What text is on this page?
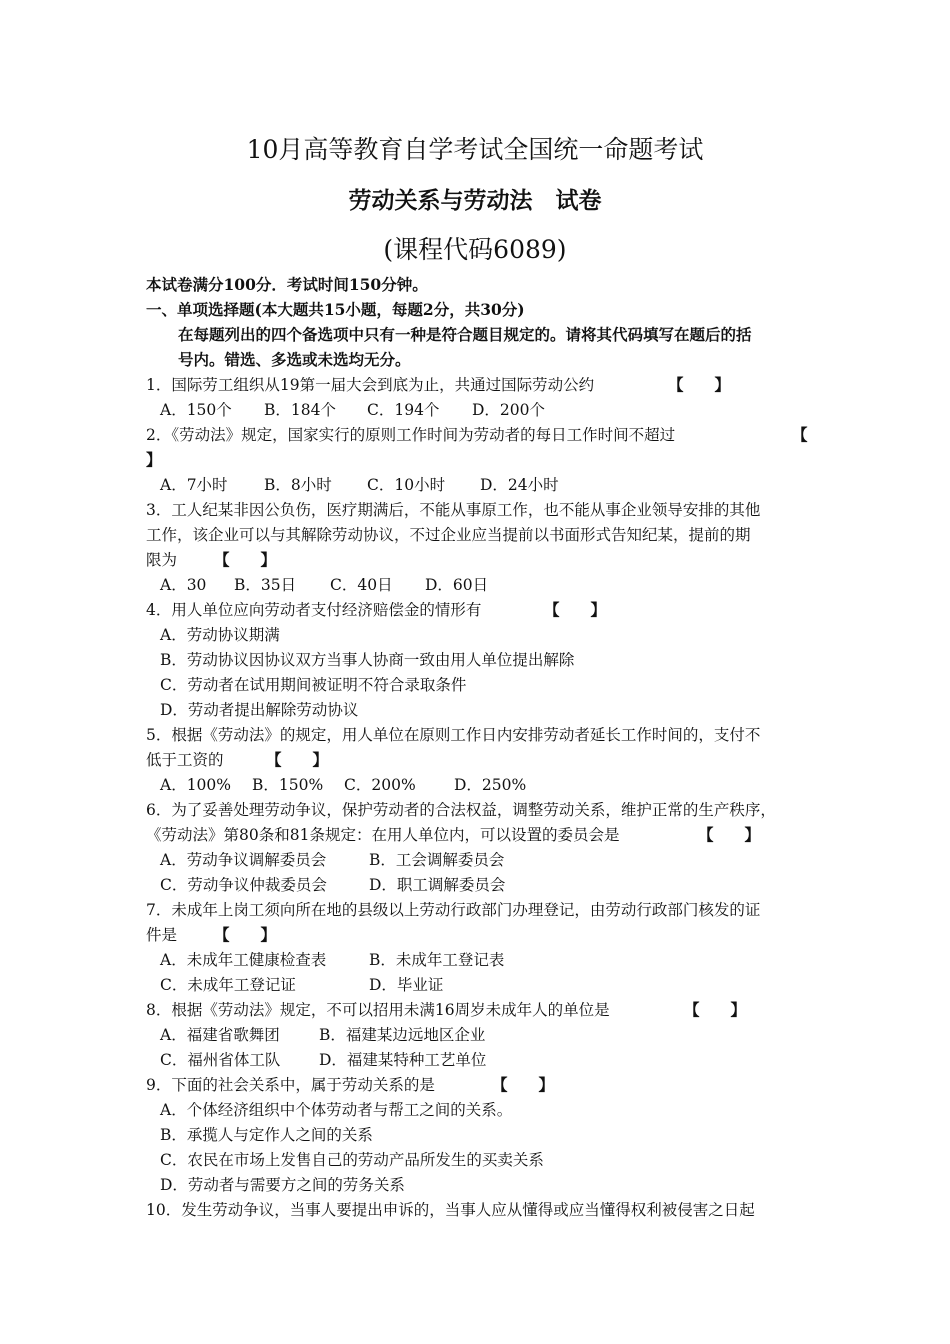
10月高等教育自学考试全国统一命题考试
劳动关系与劳动法　试卷
(课程代码6089)
本试卷满分100分．考试时间150分钟。
一、单项选择题(本大题共15小题，每题2分，共30分)
在每题列出的四个备选项中只有一种是符合题目规定的。请将其代码填写在题后的括
号内。错选、多选或未选均无分。
1．国际劳工组织从19第一届大会到底为止，共通过国际劳动公约	【　　】
A．150个 B．184个 C．194个 D．200个
2．《劳动法》规定，国家实行的原则工作时间为劳动者的每日工作时间不超过	【
】
A．7小时 B．8小时 C．10小时 D．24小时
3．工人纪某非因公负伤，医疗期满后，不能从事原工作，也不能从事企业领导安排的其他
工作，该企业可以与其解除劳动协议，不过企业应当提前以书面形式告知纪某，提前的期
限为 【　　】
A．30 B．35日 C．40日 D．60日
4．用人单位应向劳动者支付经济赔偿金的情形有	【　　】
A．劳动协议期满
B．劳动协议因协议双方当事人协商一致由用人单位提出解除
C．劳动者在试用期间被证明不符合录取条件
D．劳动者提出解除劳动协议
5．根据《劳动法》的规定，用人单位在原则工作日内安排劳动者延长工作时间的，支付不
低于工资的	【　　】
A．100% B．150% C．200% D．250%
6．为了妥善处理劳动争议，保护劳动者的合法权益，调整劳动关系，维护正常的生产秩序，
《劳动法》第80条和81条规定：在用人单位内，可以设置的委员会是	【　　】
A．劳动争议调解委员会	B．工会调解委员会
C．劳动争议仲裁委员会	D．职工调解委员会
7．未成年上岗工须向所在地的县级以上劳动行政部门办理登记，由劳动行政部门核发的证
件是 【　　】
A．未成年工健康检查表	B．未成年工登记表
C．未成年工登记证	D．毕业证
8．根据《劳动法》规定，不可以招用未满16周岁未成年人的单位是	【　　】
A．福建省歌舞团	B．福建某边远地区企业
C．福州省体工队 D．福建某特种工艺单位
9．下面的社会关系中，属于劳动关系的是	【　　】
A．个体经济组织中个体劳动者与帮工之间的关系。
B．承揽人与定作人之间的关系
C．农民在市场上发售自己的劳动产品所发生的买卖关系
D．劳动者与需要方之间的劳务关系
10．发生劳动争议，当事人要提出申诉的，当事人应从懂得或应当懂得权利被侵害之日起
